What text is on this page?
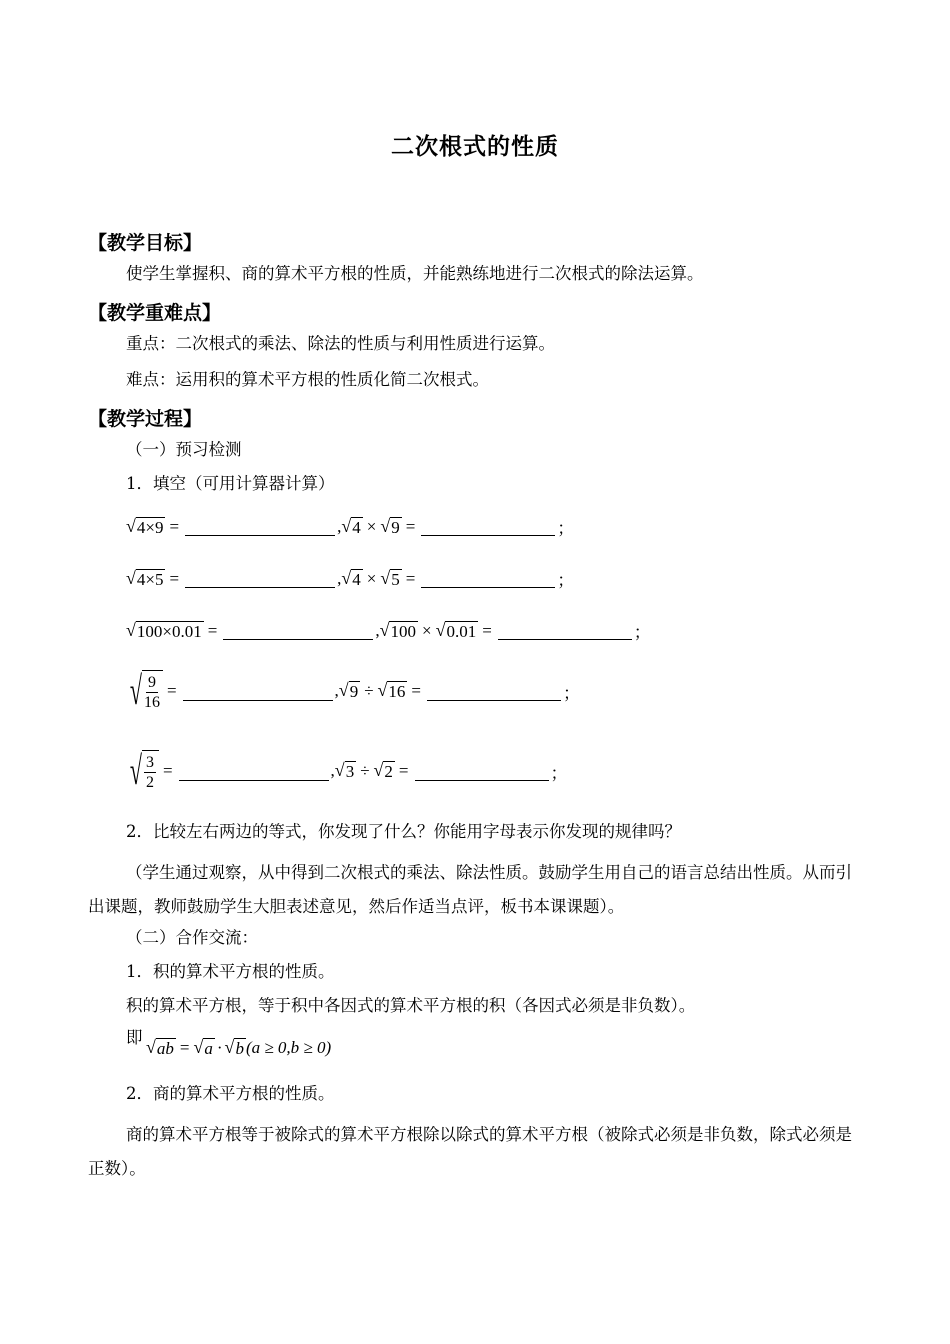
二次根式的性质
【教学目标】
使学生掌握积、商的算术平方根的性质，并能熟练地进行二次根式的除法运算。
【教学重难点】
重点：二次根式的乘法、除法的性质与利用性质进行运算。
难点：运用积的算术平方根的性质化简二次根式。
【教学过程】
（一）预习检测
1．填空（可用计算器计算）
√ 4×9 =	, √ 4 × √ 9 =	；
√ 4×5 =	, √ 4 × √ 5 =	；
√ 100×0.01 =	, √ 100 × √ 0.01 =	；
√ $\frac{9}{16}$ =	, √ 9 ÷ √ 16 =	；
√ $\frac{3}{2}$ =	, √ 3 ÷ √ 2 =	；
2．比较左右两边的等式，你发现了什么？你能用字母表示你发现的规律吗？
（学生通过观察，从中得到二次根式的乘法、除法性质。鼓励学生用自己的语言总结出性质。从而引出课题，教师鼓励学生大胆表述意见，然后作适当点评，板书本课课题）。
（二）合作交流：
1．积的算术平方根的性质。
积的算术平方根，等于积中各因式的算术平方根的积（各因式必须是非负数）。
即 √ ab = √ a · √ b (a ≥ 0,b ≥ 0)
2．商的算术平方根的性质。
商的算术平方根等于被除式的算术平方根除以除式的算术平方根（被除式必须是非负数，除式必须是正数）。
